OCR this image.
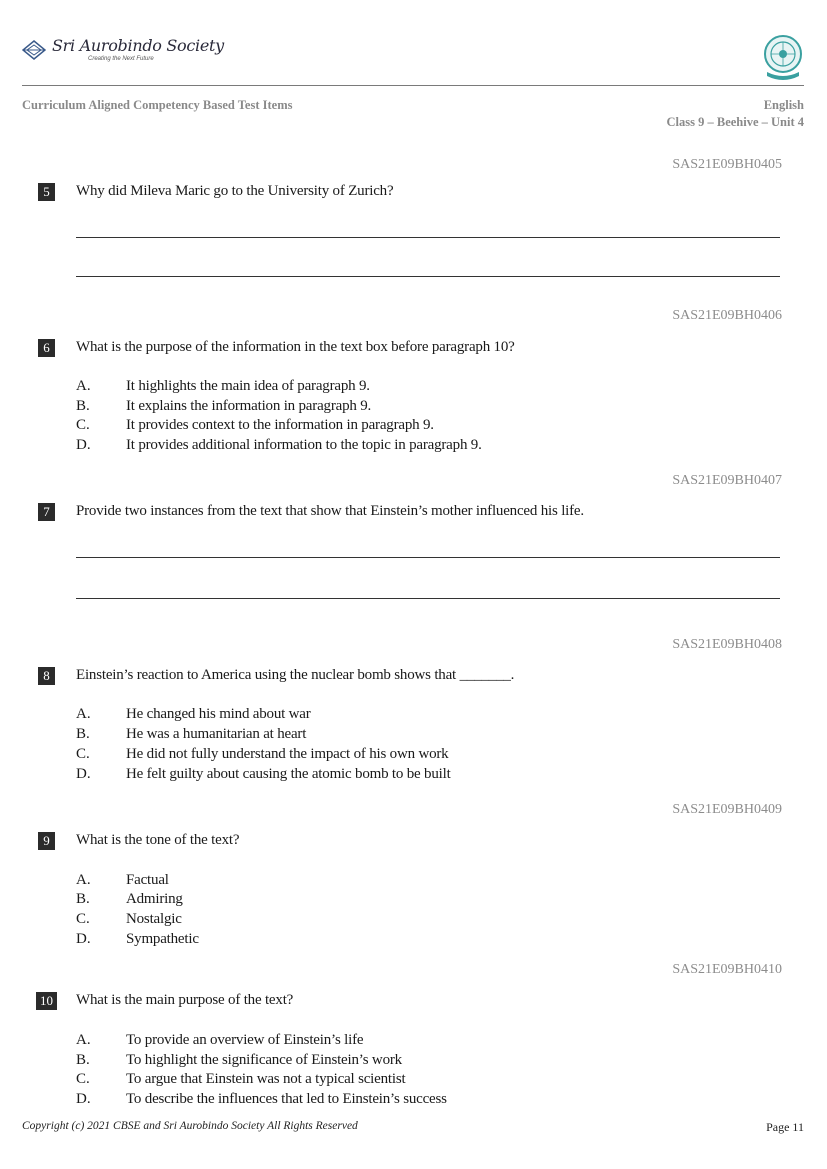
Sri Aurobindo Society
Creating the Next Future
Curriculum Aligned Competency Based Test Items	English
Class 9 – Beehive – Unit 4
SAS21E09BH0405
5	Why did Mileva Maric go to the University of Zurich?
SAS21E09BH0406
6	What is the purpose of the information in the text box before paragraph 10?
A. It highlights the main idea of paragraph 9.
B. It explains the information in paragraph 9.
C. It provides context to the information in paragraph 9.
D. It provides additional information to the topic in paragraph 9.
SAS21E09BH0407
7	Provide two instances from the text that show that Einstein’s mother influenced his life.
SAS21E09BH0408
8	Einstein’s reaction to America using the nuclear bomb shows that _______.
A. He changed his mind about war
B. He was a humanitarian at heart
C. He did not fully understand the impact of his own work
D. He felt guilty about causing the atomic bomb to be built
SAS21E09BH0409
9	What is the tone of the text?
A. Factual
B. Admiring
C. Nostalgic
D. Sympathetic
SAS21E09BH0410
10 What is the main purpose of the text?
A. To provide an overview of Einstein’s life
B. To highlight the significance of Einstein’s work
C. To argue that Einstein was not a typical scientist
D. To describe the influences that led to Einstein’s success
Copyright (c) 2021 CBSE and Sri Aurobindo Society All Rights Reserved	Page 11
